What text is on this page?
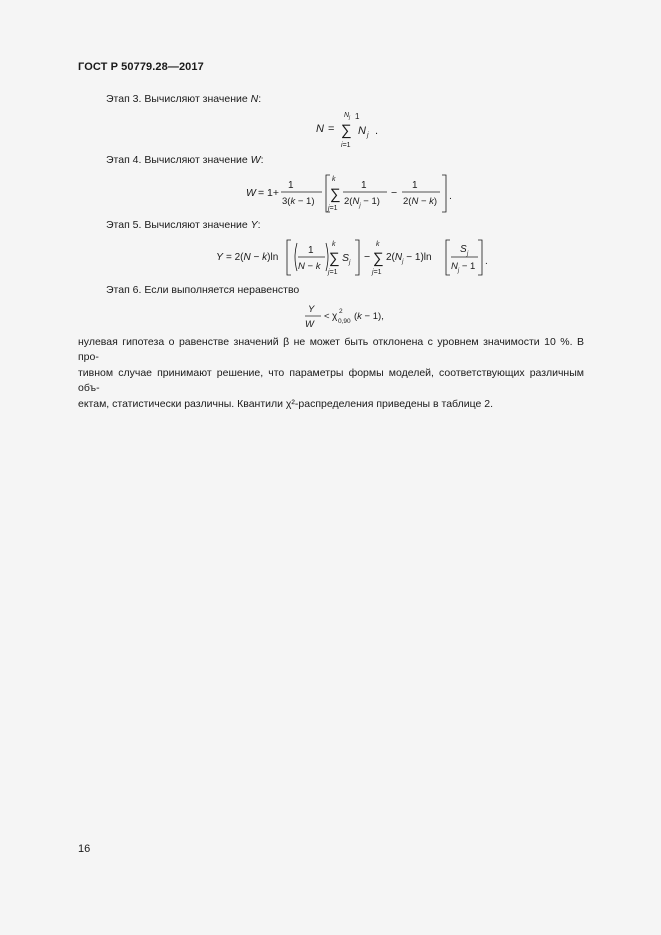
ГОСТ Р 50779.28—2017
Этап 3. Вычисляют значение N:
N =
N j 1
∑
i=1
N j .
Этап 4. Вычисляют значение W:
W = 1+
1
3(k − 1)
k
∑
j=1
1
$2(N_j - 1)$
−
1
2(N − k) .
Этап 5. Вычисляют значение Y:
Y = 2(N − k)ln
1
N − k
k
∑
j=1
S j −
k
∑
j=1
$2(N_j - 1)\ln$
S j
$N_j - 1$ .
Этап 6. Если выполняется неравенство
Y
W
< χ 2
0,90 (k − 1),

нулевая гипотеза о равенстве значений β не может быть отклонена с уровнем значимости 10 %. В про-

тивном случае принимают решение, что параметры формы моделей, соответствующих различным объ-

ектам, статистически различны. Квантили χ²-распределения приведены в таблице 2.

16
